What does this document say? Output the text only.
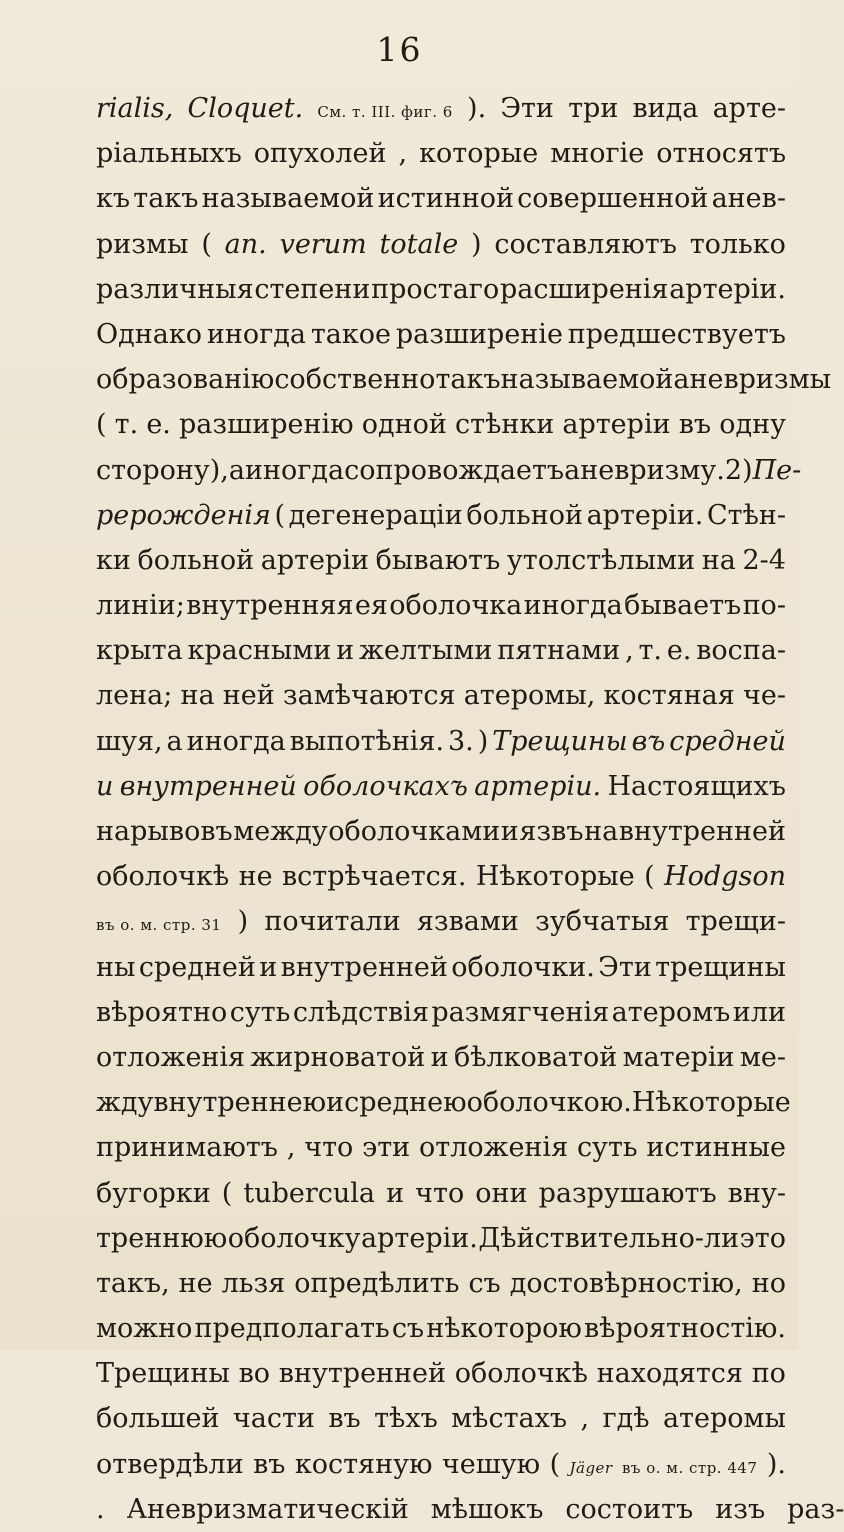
16
rialis, Cloquet. См. т. III. фиг. 6 ). Эти три вида арте-
ріальныхъ опухолей , которые многіе относятъ
къ такъ называемой истинной совершенной анев-
ризмы ( an. verum totale ) составляютъ только
различныя степени простаго расширенія артеріи.
Однако иногда такое разширеніе предшествуетъ
образованію собственно такъ называемой аневризмы
( т. е. разширенію одной стѣнки артеріи въ одну
сторону), а иногда сопровождаетъ аневризму. 2) Пе-
рерожденія ( дегенераціи больной артеріи. Стѣн-
ки больной артеріи бываютъ утолстѣлыми на 2-4
линіи; внутренняя ея оболочка иногда бываетъ по-
крыта красными и желтыми пятнами , т. е. воспа-
лена; на ней замѣчаются атеромы, костяная че-
шуя, а иногда выпотѣнія. 3. ) Трещины въ средней
и внутренней оболочкахъ артеріи. Настоящихъ
нарывовъ между оболочками и язвъ на внутренней
оболочкѣ не встрѣчается. Нѣкоторые ( Hodgson
въ о. м. стр. 31 ) почитали язвами зубчатыя трещи-
ны средней и внутренней оболочки. Эти трещины
вѣроятно суть слѣдствія размягченія атеромъ или
отложенія жирноватой и бѣлковатой матеріи ме-
жду внутреннею и среднею оболочкою. Нѣкоторые
принимаютъ , что эти отложенія суть истинные
бугорки ( tubercula и что они разрушаютъ вну-
треннюю оболочку артеріи. Дѣйствительно-ли это
такъ, не льзя опредѣлить съ достовѣрностію, но
можно предполагать съ нѣкоторою вѣроятностію.
Трещины во внутренней оболочкѣ находятся по
большей части въ тѣхъ мѣстахъ , гдѣ атеромы
отвердѣли въ костяную чешую ( Jäger въ о. м. стр. 447 ).
. Аневризматическій мѣшокъ состоитъ изъ раз-
